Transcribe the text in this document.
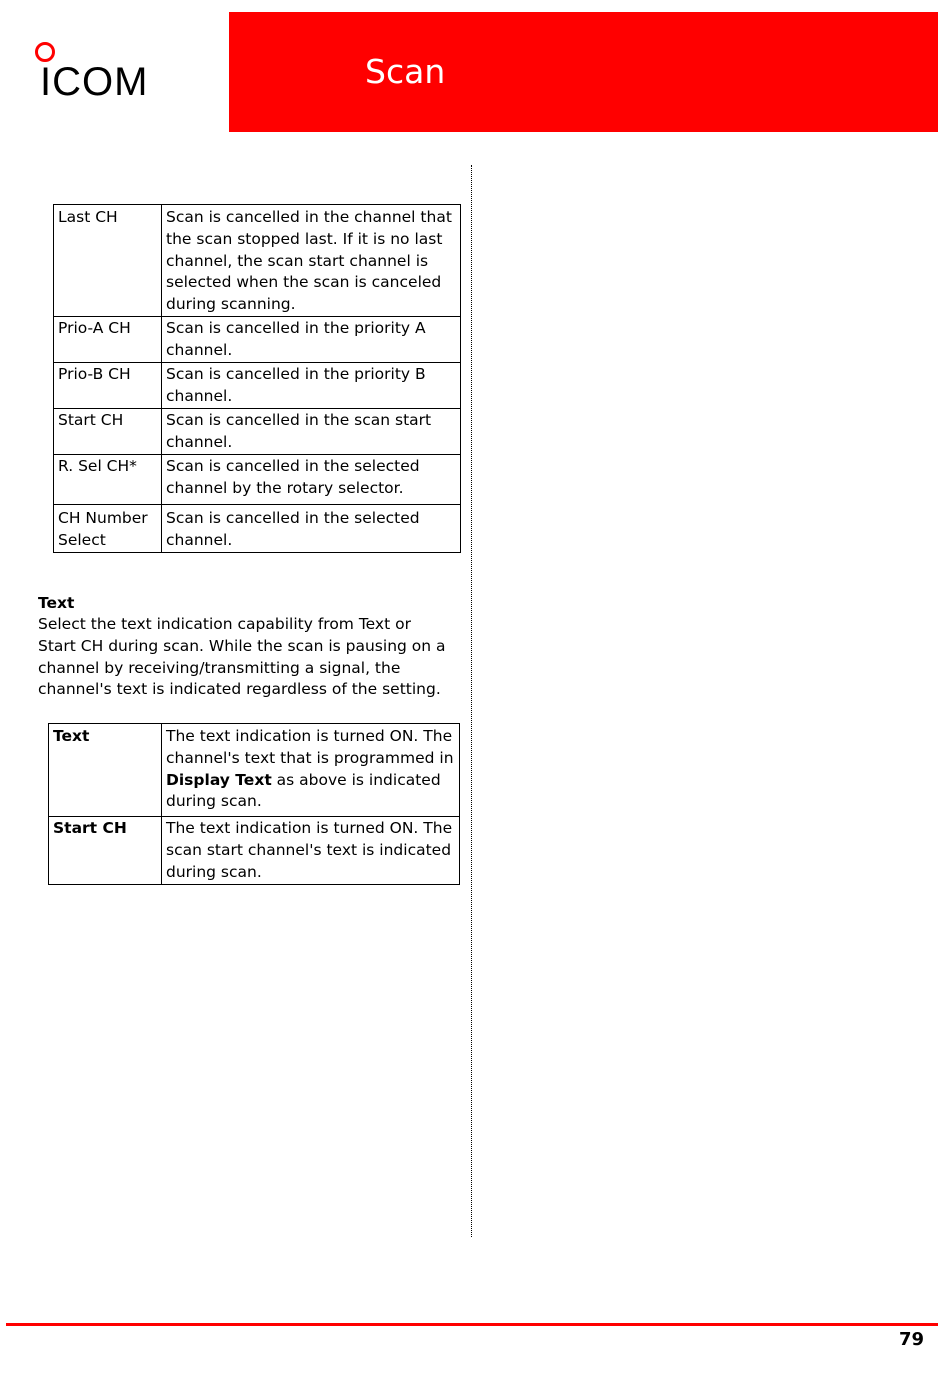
ICOM	Scan
Last CH	Scan is cancelled in the channel that the scan stopped last. If it is no last channel, the scan start channel is selected when the scan is canceled during scanning.
Prio-A CH	Scan is cancelled in the priority A channel.
Prio-B CH	Scan is cancelled in the priority B channel.
Start CH	Scan is cancelled in the scan start channel.
R. Sel CH*	Scan is cancelled in the selected channel by the rotary selector.
CH Number Select	Scan is cancelled in the selected channel.
Text

Select the text indication capability from Text or Start CH during scan. While the scan is pausing on a channel by receiving/transmitting a signal, the channel's text is indicated regardless of the setting.

Text	The text indication is turned ON. The channel's text that is programmed in Display Text as above is indicated during scan.
Start CH	The text indication is turned ON. The scan start channel's text is indicated during scan.
79
